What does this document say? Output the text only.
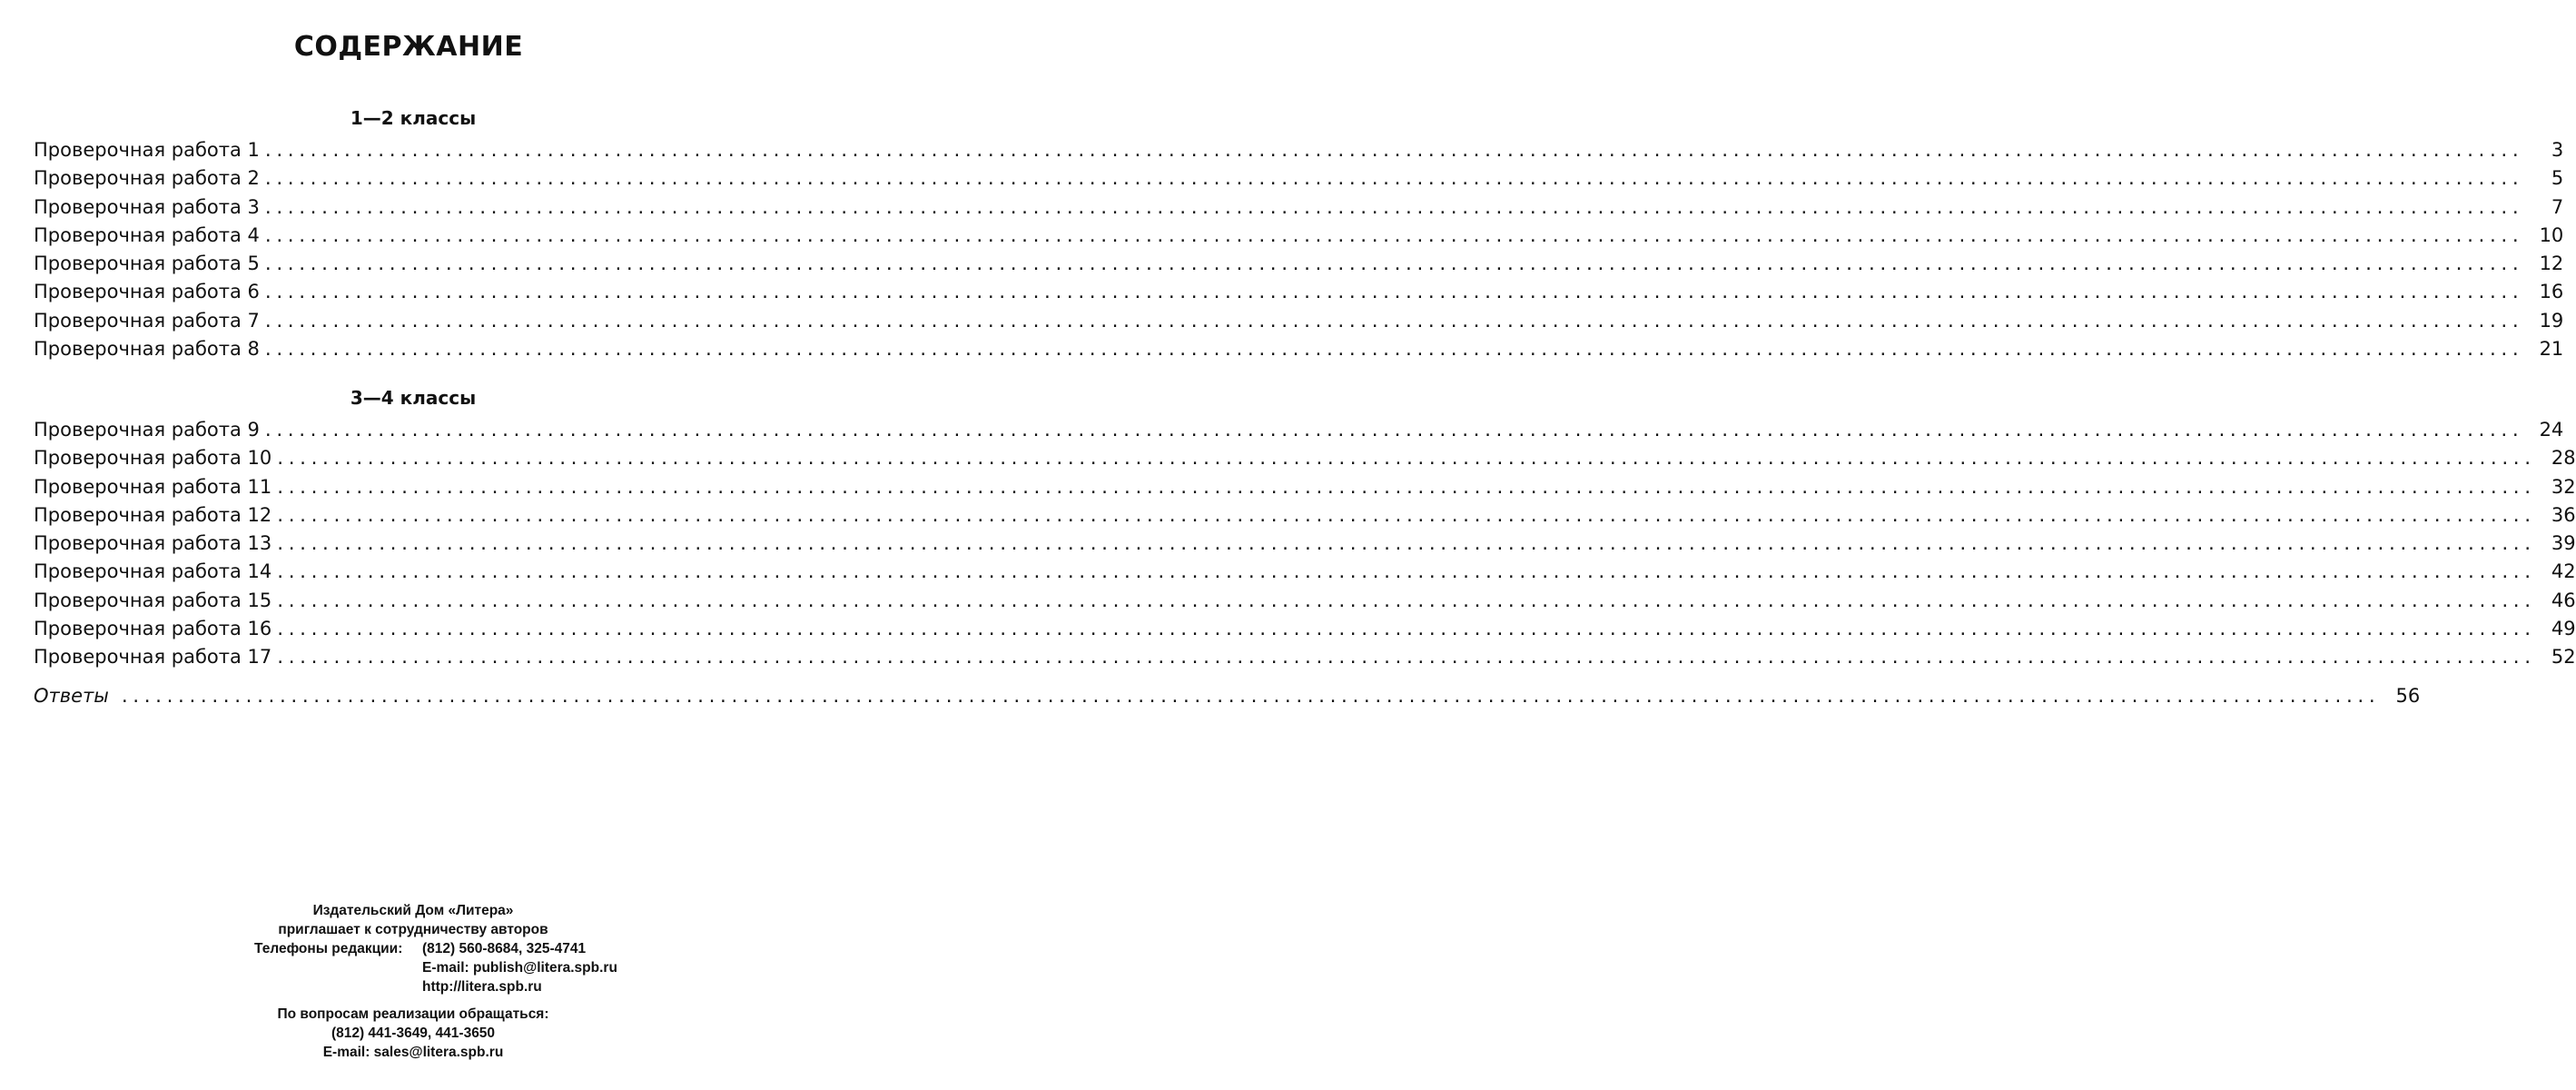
СОДЕРЖАНИЕ
1—2 классы
Проверочная работа 1 ........................................................................................................................................................................................................	3
Проверочная работа 2 ........................................................................................................................................................................................................	5
Проверочная работа 3 ........................................................................................................................................................................................................	7
Проверочная работа 4 ........................................................................................................................................................................................................ 10
Проверочная работа 5 ........................................................................................................................................................................................................ 12
Проверочная работа 6 ........................................................................................................................................................................................................ 16
Проверочная работа 7 ........................................................................................................................................................................................................ 19
Проверочная работа 8 ........................................................................................................................................................................................................ 21
3—4 классы
Проверочная работа 9 ........................................................................................................................................................................................................ 24
Проверочная работа 10 ........................................................................................................................................................................................................ 28
Проверочная работа 11 ........................................................................................................................................................................................................ 32
Проверочная работа 12 ........................................................................................................................................................................................................ 36
Проверочная работа 13 ........................................................................................................................................................................................................ 39
Проверочная работа 14 ........................................................................................................................................................................................................ 42
Проверочная работа 15 ........................................................................................................................................................................................................ 46
Проверочная работа 16 ........................................................................................................................................................................................................ 49
Проверочная работа 17 ........................................................................................................................................................................................................ 52
Ответы ........................................................................................................................................................................................................ 56
Издательский Дом «Литера»
приглашает к сотрудничеству авторов
Телефоны редакции: (812) 560-8684, 325-4741
E-mail: publish@litera.spb.ru
http://litera.spb.ru
По вопросам реализации обращаться:
(812) 441-3649, 441-3650
E-mail: sales@litera.spb.ru
